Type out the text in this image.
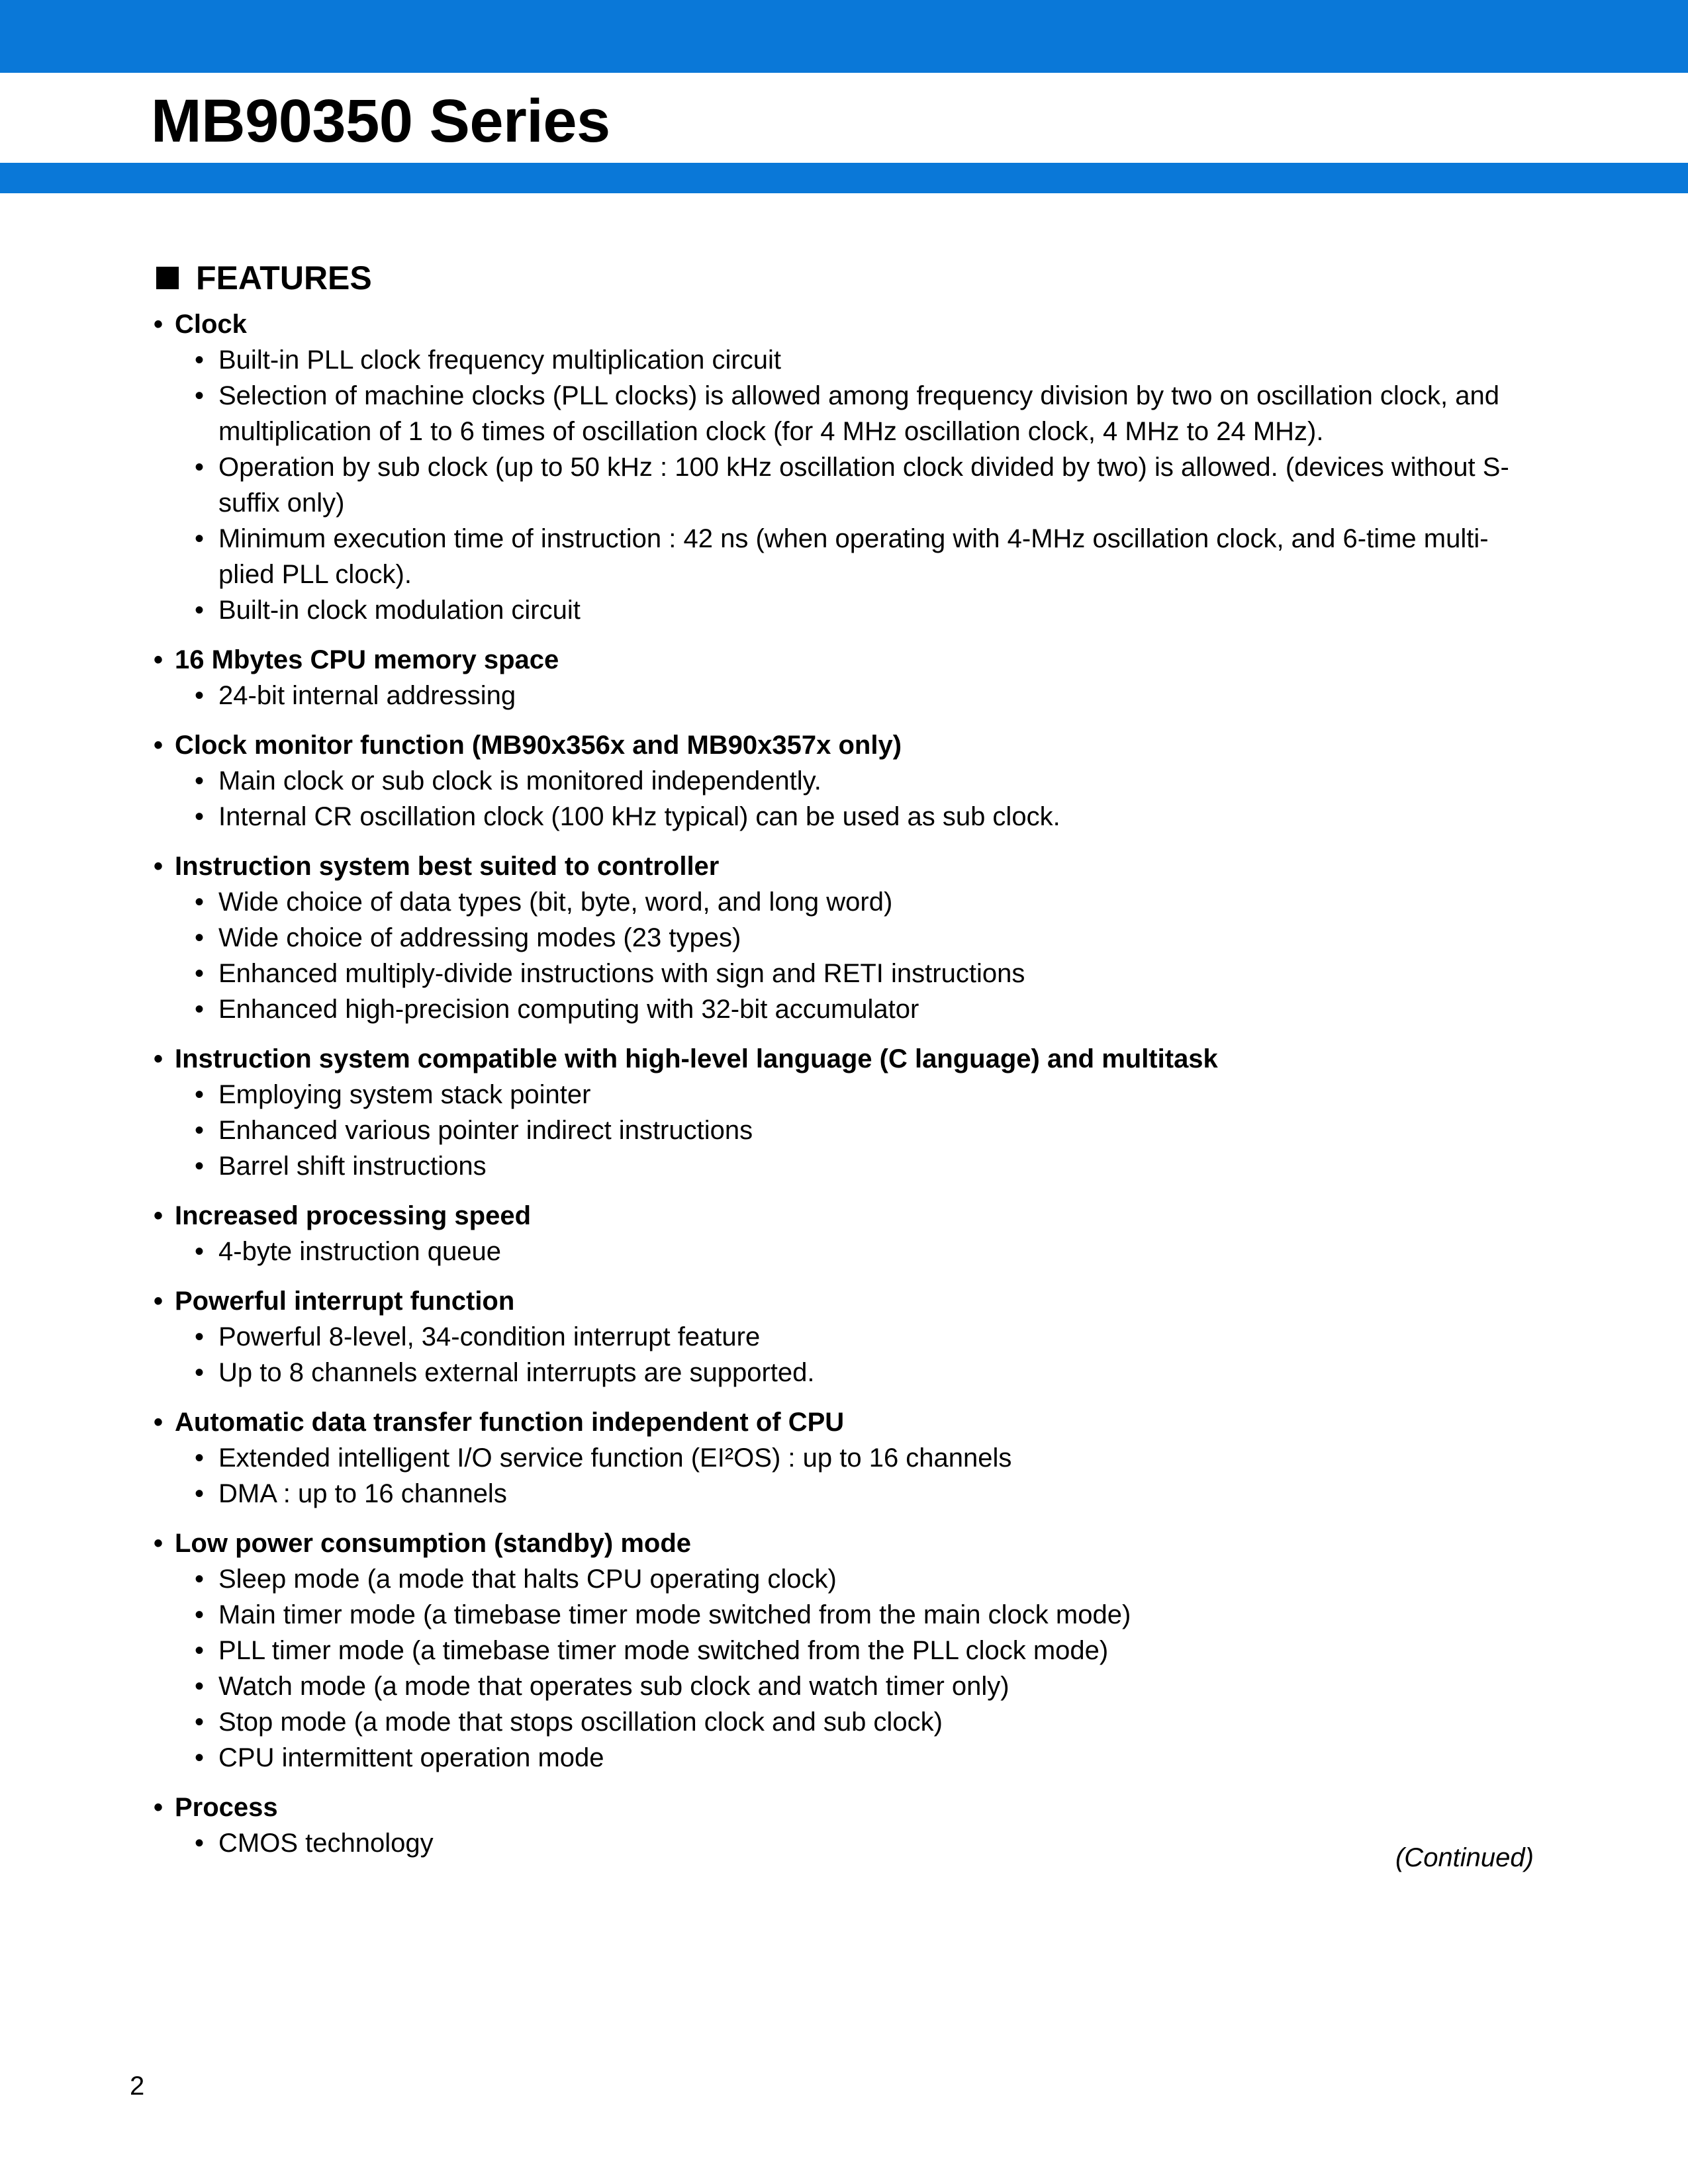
MB90350 Series
FEATURES
• Clock
• Built-in PLL clock frequency multiplication circuit
• Selection of machine clocks (PLL clocks) is allowed among frequency division by two on oscillation clock, and multiplication of 1 to 6 times of oscillation clock (for 4 MHz oscillation clock, 4 MHz to 24 MHz).
• Operation by sub clock (up to 50 kHz : 100 kHz oscillation clock divided by two) is allowed. (devices without S-suffix only)
• Minimum execution time of instruction : 42 ns (when operating with 4-MHz oscillation clock, and 6-time multi-plied PLL clock).
• Built-in clock modulation circuit
• 16 Mbytes CPU memory space
• 24-bit internal addressing
• Clock monitor function (MB90x356x and MB90x357x only)
• Main clock or sub clock is monitored independently.
• Internal CR oscillation clock (100 kHz typical) can be used as sub clock.
• Instruction system best suited to controller
• Wide choice of data types (bit, byte, word, and long word)
• Wide choice of addressing modes (23 types)
• Enhanced multiply-divide instructions with sign and RETI instructions
• Enhanced high-precision computing with 32-bit accumulator
• Instruction system compatible with high-level language (C language) and multitask
• Employing system stack pointer
• Enhanced various pointer indirect instructions
• Barrel shift instructions
• Increased processing speed
• 4-byte instruction queue
• Powerful interrupt function
• Powerful 8-level, 34-condition interrupt feature
• Up to 8 channels external interrupts are supported.
• Automatic data transfer function independent of CPU
• Extended intelligent I/O service function (EI²OS) : up to 16 channels
• DMA : up to 16 channels
• Low power consumption (standby) mode
• Sleep mode (a mode that halts CPU operating clock)
• Main timer mode (a timebase timer mode switched from the main clock mode)
• PLL timer mode (a timebase timer mode switched from the PLL clock mode)
• Watch mode (a mode that operates sub clock and watch timer only)
• Stop mode (a mode that stops oscillation clock and sub clock)
• CPU intermittent operation mode
• Process
• CMOS technology	(Continued)
2
